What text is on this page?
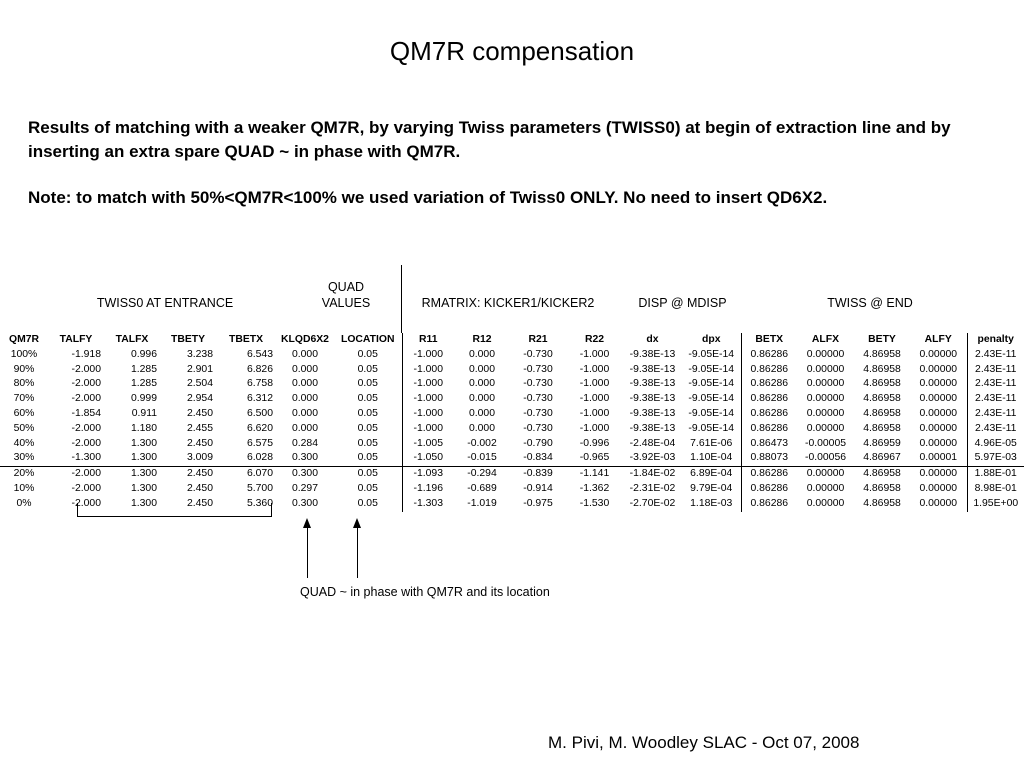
QM7R compensation
Results of matching with a weaker QM7R, by varying Twiss parameters (TWISS0) at begin of extraction line and by inserting an extra spare QUAD ~ in phase with QM7R.
Note: to match with 50%<QM7R<100% we used variation of Twiss0 ONLY. No need to insert QD6X2.
TWISS0 AT ENTRANCE
QUAD
VALUES	RMATRIX: KICKER1/KICKER2	DISP @ MDISP	TWISS @ END
QM7R	TALFY	TALFX	TBETY	TBETX	KLQD6X2	LOCATION	R11	R12	R21	R22	dx	dpx	BETX	ALFX	BETY	ALFY	penalty
100%	-1.918	0.996	3.238	6.543	0.000	0.05	-1.000	0.000	-0.730	-1.000	-9.38E-13	-9.05E-14	0.86286	0.00000	4.86958	0.00000	2.43E-11
90%	-2.000	1.285	2.901	6.826	0.000	0.05	-1.000	0.000	-0.730	-1.000	-9.38E-13	-9.05E-14	0.86286	0.00000	4.86958	0.00000	2.43E-11
80%	-2.000	1.285	2.504	6.758	0.000	0.05	-1.000	0.000	-0.730	-1.000	-9.38E-13	-9.05E-14	0.86286	0.00000	4.86958	0.00000	2.43E-11
70%	-2.000	0.999	2.954	6.312	0.000	0.05	-1.000	0.000	-0.730	-1.000	-9.38E-13	-9.05E-14	0.86286	0.00000	4.86958	0.00000	2.43E-11
60%	-1.854	0.911	2.450	6.500	0.000	0.05	-1.000	0.000	-0.730	-1.000	-9.38E-13	-9.05E-14	0.86286	0.00000	4.86958	0.00000	2.43E-11
50%	-2.000	1.180	2.455	6.620	0.000	0.05	-1.000	0.000	-0.730	-1.000	-9.38E-13	-9.05E-14	0.86286	0.00000	4.86958	0.00000	2.43E-11
40%	-2.000	1.300	2.450	6.575	0.284	0.05	-1.005	-0.002	-0.790	-0.996	-2.48E-04	7.61E-06	0.86473	-0.00005	4.86959	0.00000	4.96E-05
30%	-1.300	1.300	3.009	6.028	0.300	0.05	-1.050	-0.015	-0.834	-0.965	-3.92E-03	1.10E-04	0.88073	-0.00056	4.86967	0.00001	5.97E-03
20%	-2.000	1.300	2.450	6.070	0.300	0.05	-1.093	-0.294	-0.839	-1.141	-1.84E-02	6.89E-04	0.86286	0.00000	4.86958	0.00000	1.88E-01
10%	-2.000	1.300	2.450	5.700	0.297	0.05	-1.196	-0.689	-0.914	-1.362	-2.31E-02	9.79E-04	0.86286	0.00000	4.86958	0.00000	8.98E-01
0%	-2.000	1.300	2.450	5.360	0.300	0.05	-1.303	-1.019	-0.975	-1.530	-2.70E-02	1.18E-03	0.86286	0.00000	4.86958	0.00000	1.95E+00
QUAD ~ in phase with QM7R and its location
M. Pivi, M. Woodley SLAC - Oct 07, 2008
